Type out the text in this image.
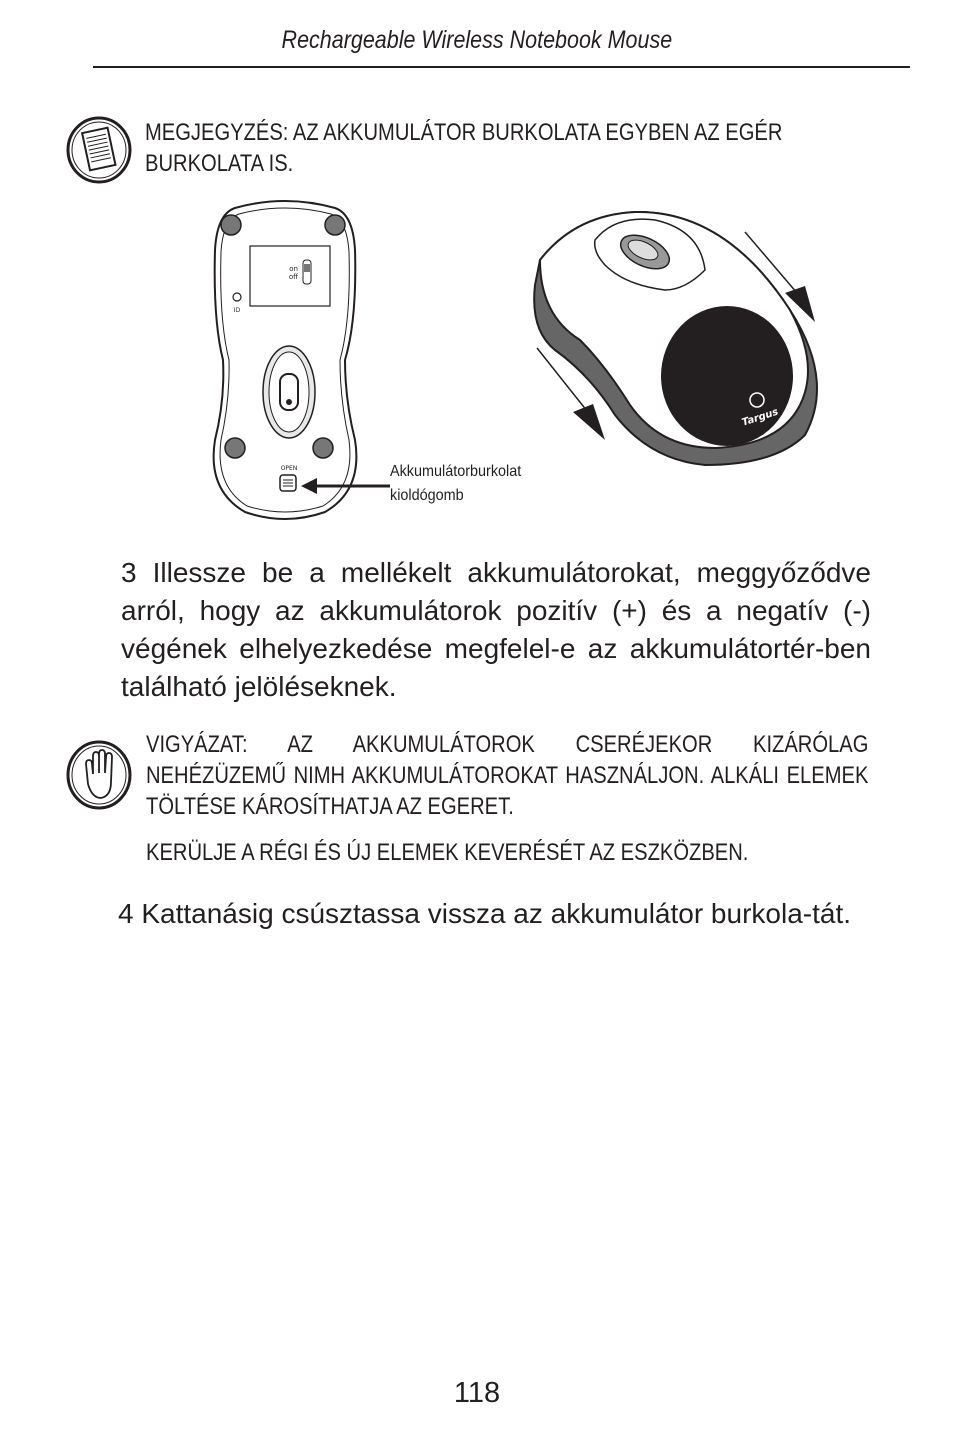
Rechargeable Wireless Notebook Mouse

MEGJEGYZÉS: AZ AKKUMULÁTOR BURKOLATA EGYBEN AZ EGÉR BURKOLATA IS.

on
off
ID
OPEN
Targus
Akkumulátorburkolat
kioldógomb

3 Illessze be a mellékelt akkumulátorokat, meggyőződve arról, hogy az akkumulátorok pozitív (+) és a negatív (-) végének elhelyezkedése megfelel-e az akkumulátortér-ben található jelöléseknek.

VIGYÁZAT: AZ AKKUMULÁTOROK CSERÉJEKOR KIZÁRÓLAG NEHÉZÜZEMŰ NIMH AKKUMULÁTOROKAT HASZNÁLJON. ALKÁLI ELEMEK TÖLTÉSE KÁROSÍTHATJA AZ EGERET.

KERÜLJE A RÉGI ÉS ÚJ ELEMEK KEVERÉSÉT AZ ESZKÖZBEN.

4 Kattanásig csúsztassa vissza az akkumulátor burkola-tát.

118
